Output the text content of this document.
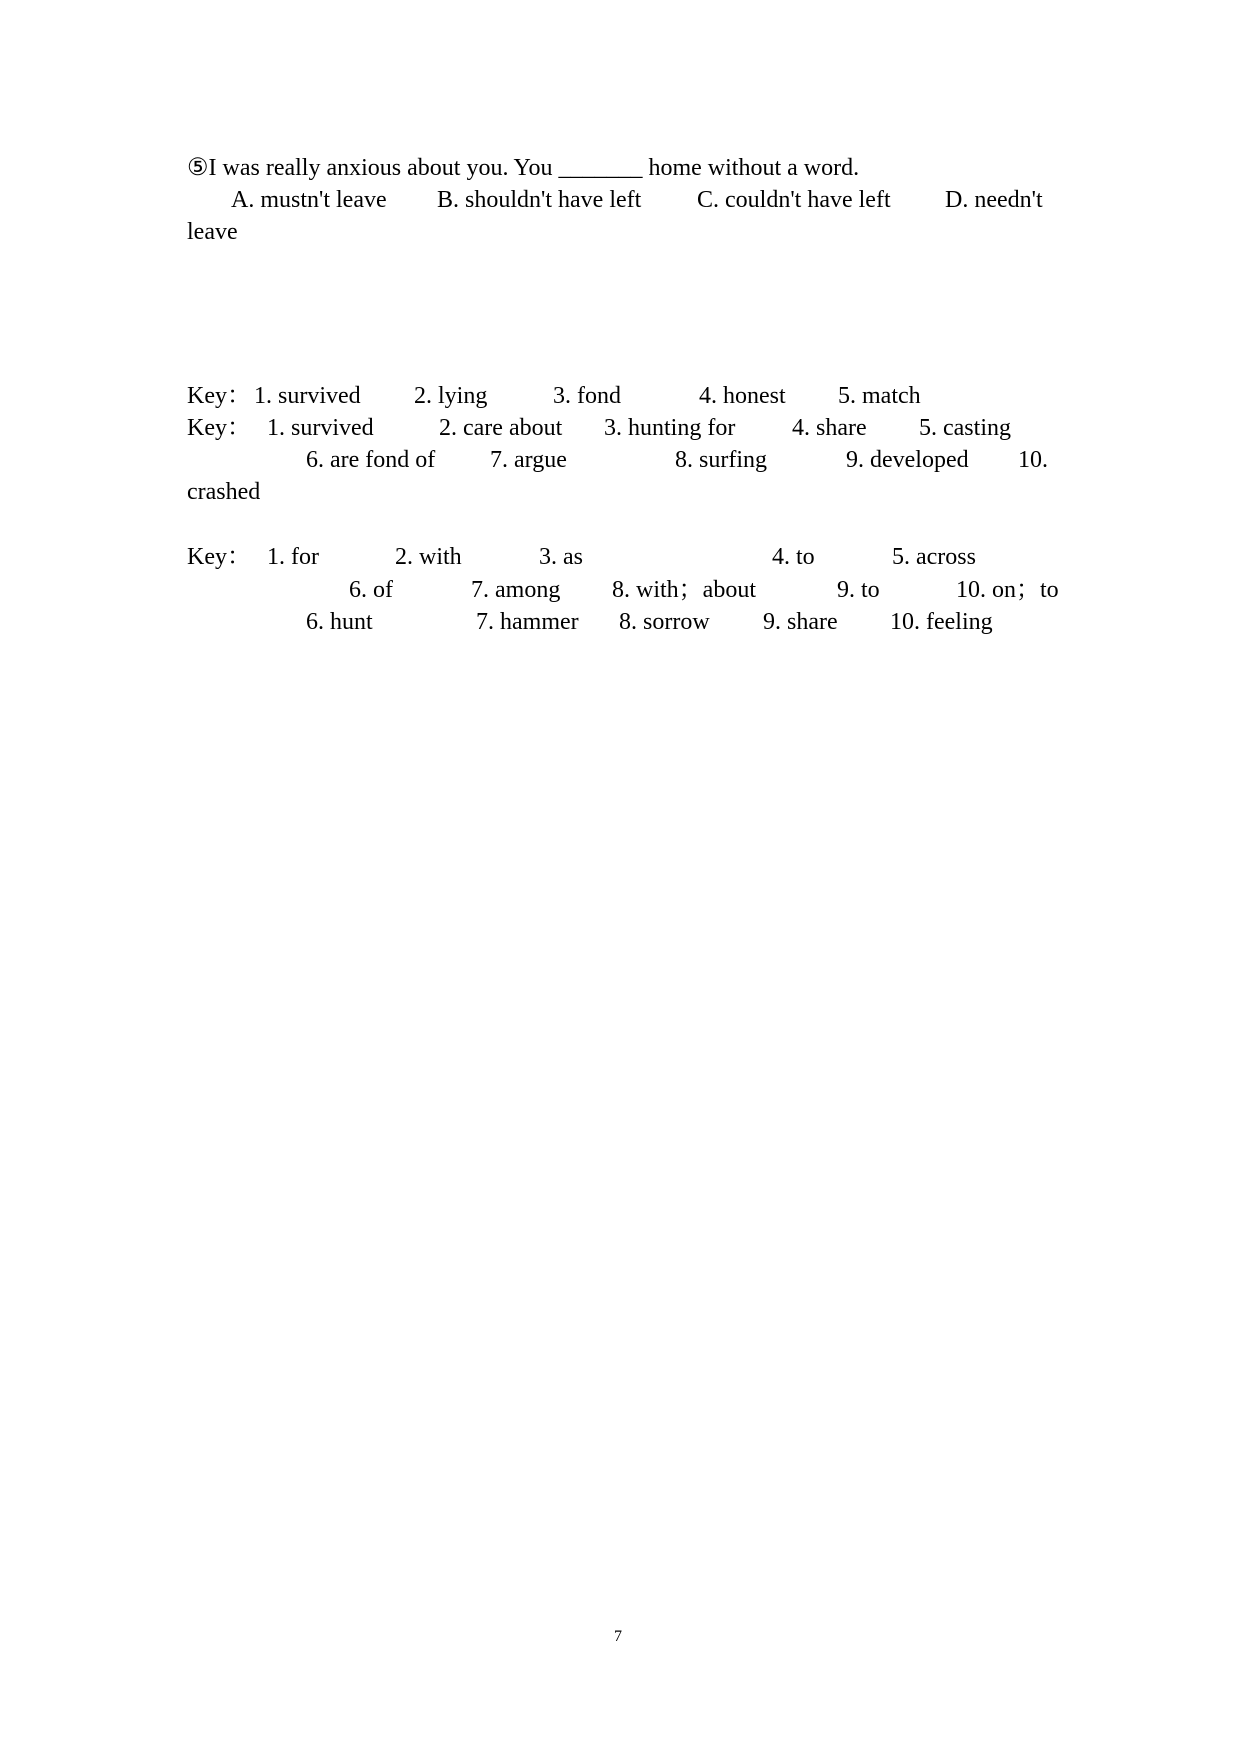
⑤I was really anxious about you. You _______ home without a word.
A. mustn't leave B. shouldn't have left C. couldn't have left D. needn't
leave
Key： 1. survived 2. lying	3. fond	4. honest 5. match
Key： 1. survived	2. care about 3. hunting for 4. share 5. casting
6. are fond of 7. argue	8. surfing	9. developed 10.
crashed
Key： 1. for	2. with	3. as	4. to	5. across
6. of	7. among 8. with；about	9. to	10. on；to
6. hunt	7. hammer 8. sorrow 9. share 10. feeling
7
